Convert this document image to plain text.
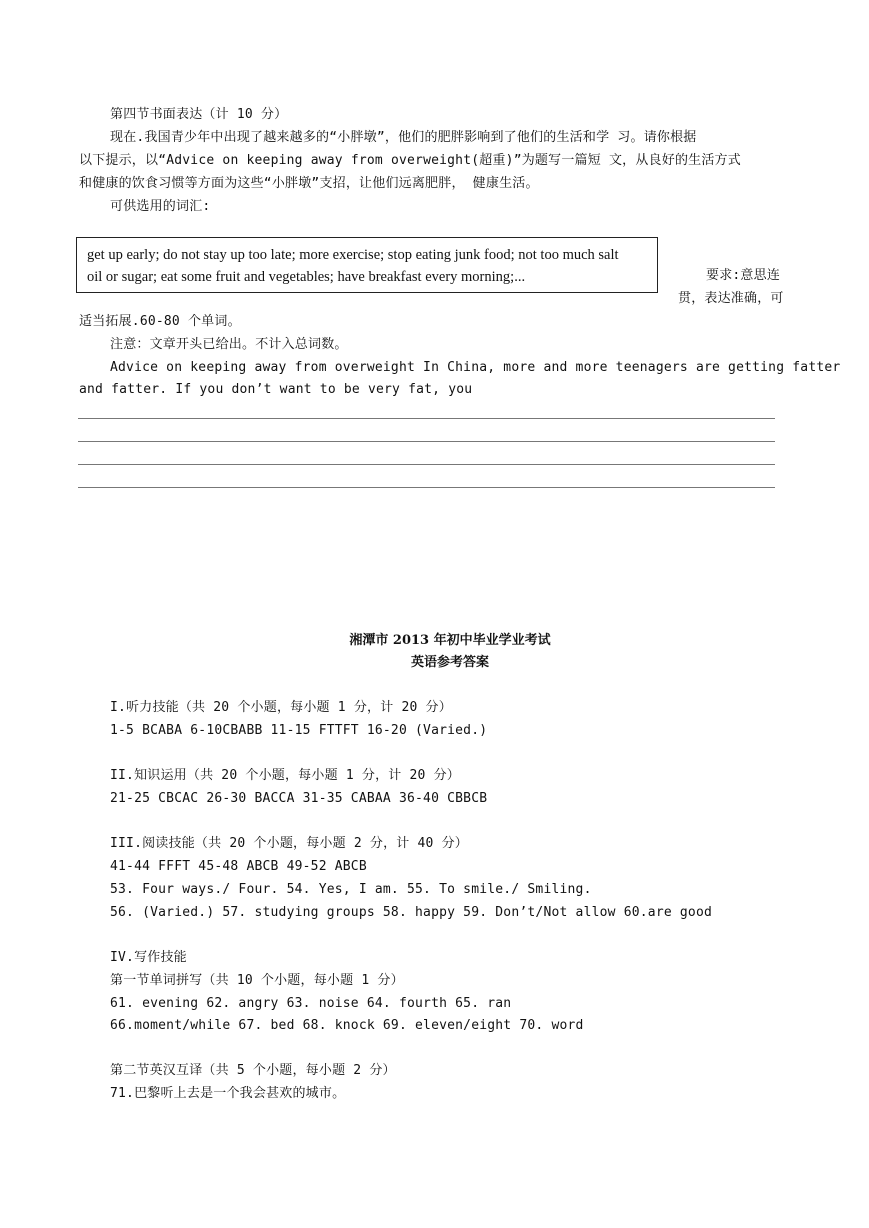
第四节书面表达（计 10 分）
现在.我国青少年中出现了越来越多的“小胖墩”，他们的肥胖影响到了他们的生活和学 习。请你根据
以下提示，以“Advice on keeping away from overweight(超重)”为题写一篇短 文，从良好的生活方式
和健康的饮食习惯等方面为这些“小胖墩”支招，让他们远离肥胖， 健康生活。
可供选用的词汇:
get up early; do not stay up too late; more exercise; stop eating junk food; not too much salt
oil or sugar; eat some fruit and vegetables; have breakfast every morning;...	要求:意思连
贯，表达准确，可
适当拓展.60-80 个单词。
注意：文章开头已给出。不计入总词数。
Advice on keeping away from overweight In China, more and more teenagers are getting fatter
and fatter. If you don’t want to be very fat, you
湘潭市 2013 年初中毕业学业考试
英语参考答案
I.听力技能（共 20 个小题，每小题 1 分，计 20 分）
1-5 BCABA 6-10CBABB 11-15 FTTFT 16-20 (Varied.)
II.知识运用（共 20 个小题，每小题 1 分，计 20 分）
21-25 CBCAC 26-30 BACCA 31-35 CABAA 36-40 CBBCB
III.阅读技能（共 20 个小题，每小题 2 分，计 40 分）
41-44 FFFT 45-48 ABCB 49-52 ABCB
53. Four ways./ Four. 54. Yes, I am. 55. To smile./ Smiling.
56. (Varied.) 57. studying groups 58. happy 59. Don’t/Not allow 60.are good
IV.写作技能
第一节单词拼写（共 10 个小题，每小题 1 分）
61. evening 62. angry 63. noise 64. fourth 65. ran
66.moment/while 67. bed 68. knock 69. eleven/eight 70. word
第二节英汉互译（共 5 个小题，每小题 2 分）
71.巴黎听上去是一个我会甚欢的城市。
